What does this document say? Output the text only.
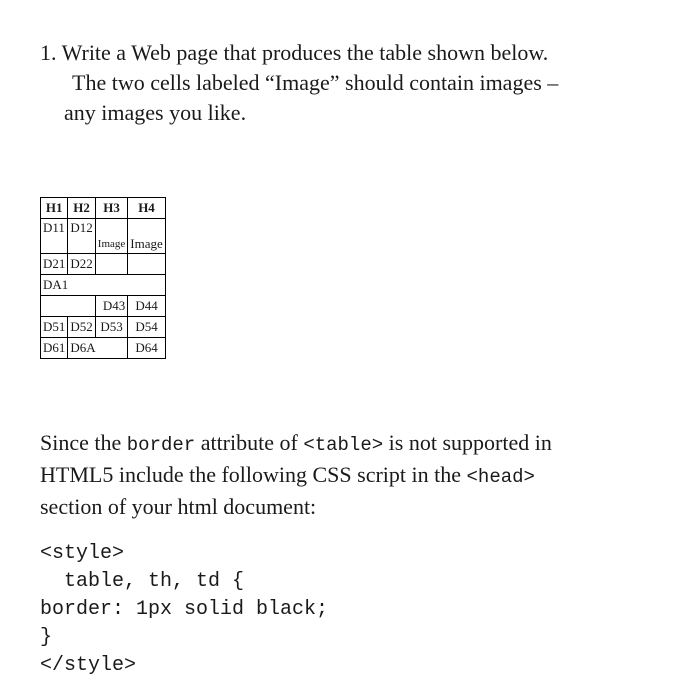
1. Write a Web page that produces the table shown below.
The two cells labeled “Image” should contain images –
any images you like.
H1	H2	H3	H4
D11	D12	Image	Image
D21	D22		
DA1			
		D43	D44
D51	D52	D53	D54
D61	D6A		D64
Since the border attribute of <table> is not supported in
HTML5 include the following CSS script in the <head>
section of your html document:
<style>
table, th, td {
border: 1px solid black;
}
</style>
